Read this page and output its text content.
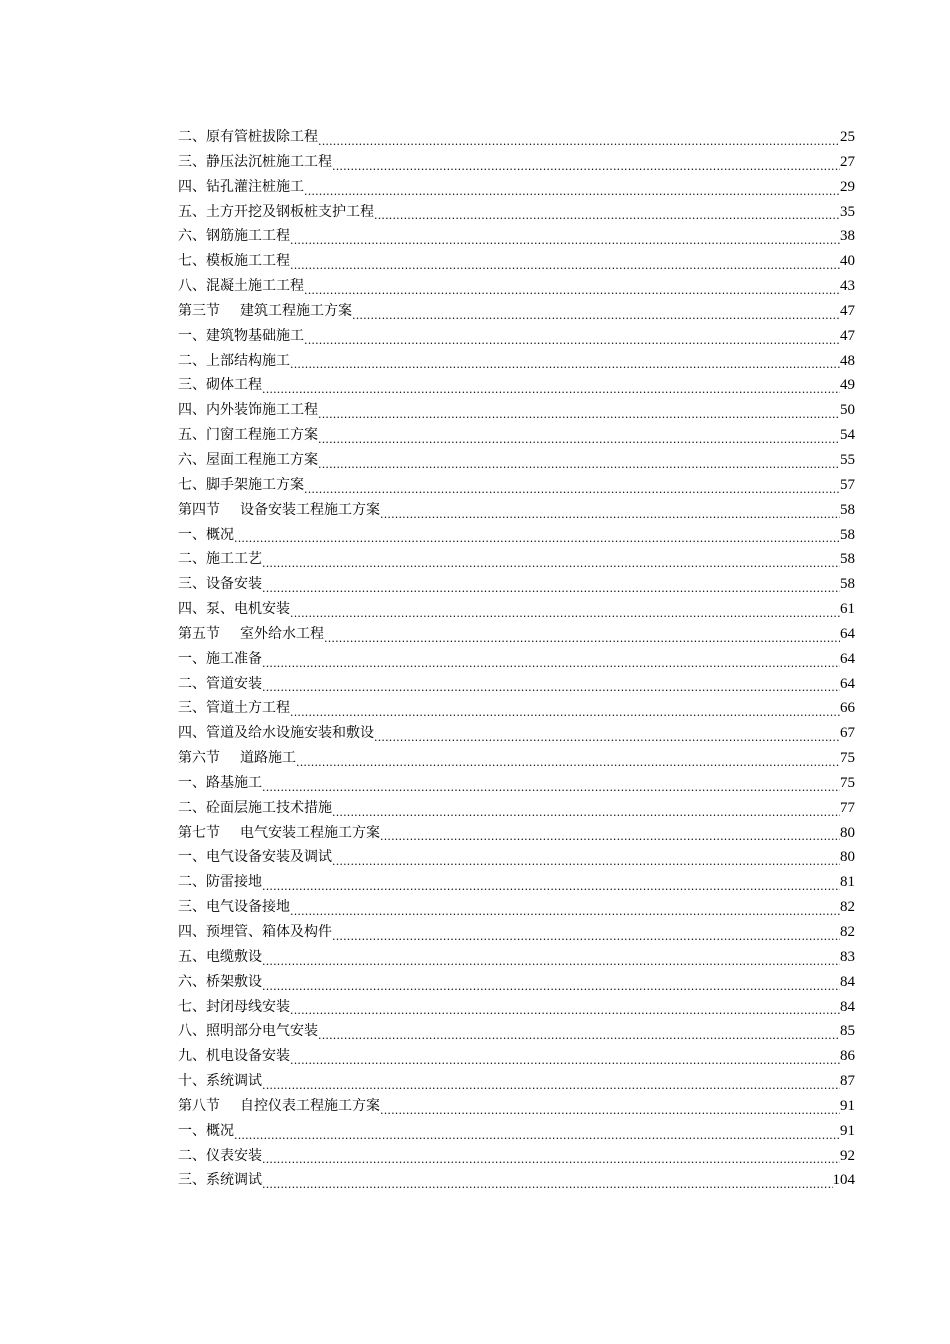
二、原有管桩拔除工程 .....	25
三、静压法沉桩施工工程 .....	27
四、钻孔灌注桩施工 .....	29
五、土方开挖及钢板桩支护工程 .....	35
六、钢筋施工工程 .....	38
七、模板施工工程 .....	40
八、混凝土施工工程 .....	43
第三节 建筑工程施工方案 .....	47
一、建筑物基础施工 .....	47
二、上部结构施工 .....	48
三、砌体工程 .....	49
四、内外装饰施工工程 .....	50
五、门窗工程施工方案 .....	54
六、屋面工程施工方案 .....	55
七、脚手架施工方案 .....	57
第四节 设备安装工程施工方案 .....	58
一、概况 .....	58
二、施工工艺 .....	58
三、设备安装 .....	58
四、泵、电机安装 .....	61
第五节 室外给水工程 .....	64
一、施工准备 .....	64
二、管道安装 .....	64
三、管道土方工程 .....	66
四、管道及给水设施安装和敷设 .....	67
第六节 道路施工 .....	75
一、路基施工 .....	75
二、砼面层施工技术措施 .....	77
第七节 电气安装工程施工方案 .....	80
一、电气设备安装及调试 .....	80
二、防雷接地 .....	81
三、电气设备接地 .....	82
四、预埋管、箱体及构件 .....	82
五、电缆敷设 .....	83
六、桥架敷设 .....	84
七、封闭母线安装 .....	84
八、照明部分电气安装 .....	85
九、机电设备安装 .....	86
十、系统调试 .....	87
第八节 自控仪表工程施工方案 .....	91
一、概况 .....	91
二、仪表安装 .....	92
三、系统调试 .....	104
